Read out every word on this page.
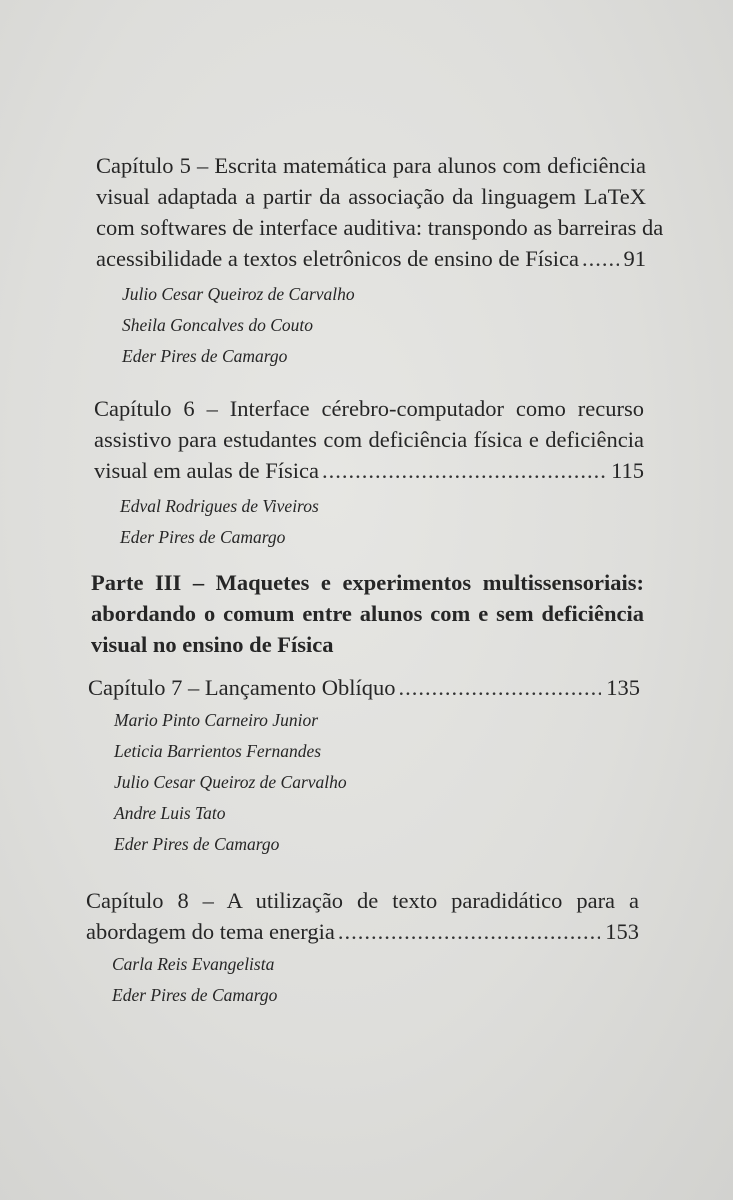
Capítulo 5 – Escrita matemática para alunos com deficiência
visual adaptada a partir da associação da linguagem LaTeX
com softwares de interface auditiva: transpondo as barreiras da
acessibilidade a textos eletrônicos de ensino de Física ..... 91
Julio Cesar Queiroz de Carvalho
Sheila Goncalves do Couto
Eder Pires de Camargo
Capítulo 6 – Interface cérebro-computador como recurso
assistivo para estudantes com deficiência física e deficiência
visual em aulas de Física .....	115
Edval Rodrigues de Viveiros
Eder Pires de Camargo
Parte III – Maquetes e experimentos multissensoriais:
abordando o comum entre alunos com e sem deficiência
visual no ensino de Física
Capítulo 7 – Lançamento Oblíquo .....	135
Mario Pinto Carneiro Junior
Leticia Barrientos Fernandes
Julio Cesar Queiroz de Carvalho
Andre Luis Tato
Eder Pires de Camargo
Capítulo 8 – A utilização de texto paradidático para a
abordagem do tema energia .....	153
Carla Reis Evangelista
Eder Pires de Camargo
